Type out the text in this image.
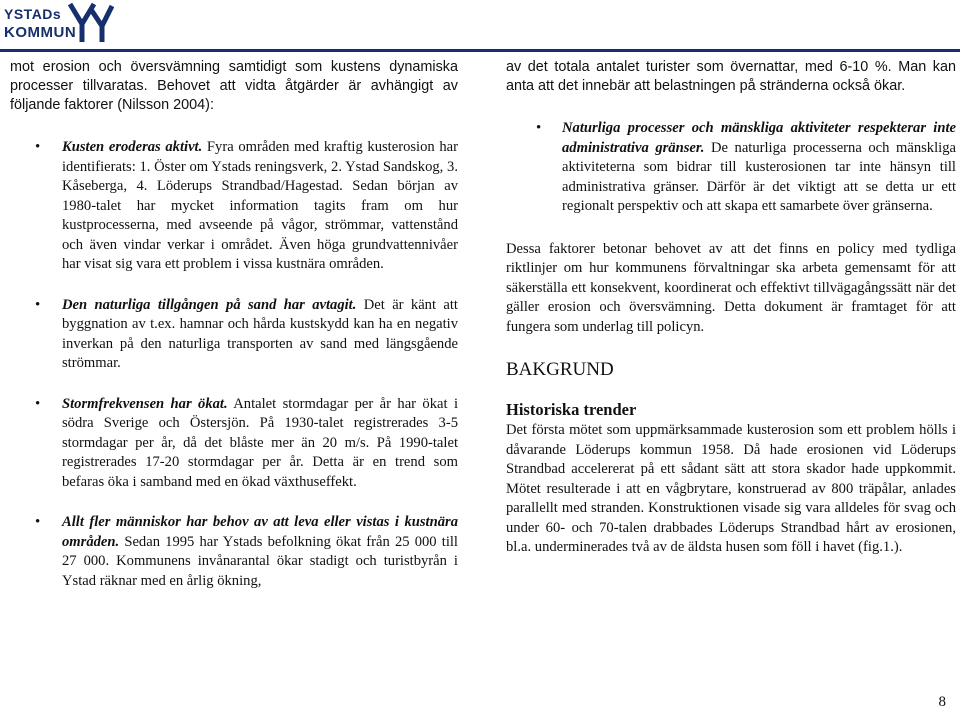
YSTADs
KOMMUN

mot erosion och översvämning samtidigt som kustens dynamiska processer tillvaratas. Behovet att vidta åtgärder är avhängigt av följande faktorer (Nilsson 2004):

• Kusten eroderas aktivt. Fyra områden med kraftig kusterosion har identifierats: 1. Öster om Ystads reningsverk, 2. Ystad Sandskog, 3. Kåseberga, 4. Löderups Strandbad/Hagestad. Sedan början av 1980-talet har mycket information tagits fram om hur kustprocesserna, med avseende på vågor, strömmar, vattenstånd och även vindar verkar i området. Även höga grundvattennivåer har visat sig vara ett problem i vissa kustnära områden.
• Den naturliga tillgången på sand har avtagit. Det är känt att byggnation av t.ex. hamnar och hårda kustskydd kan ha en negativ inverkan på den naturliga transporten av sand med längsgående strömmar.
• Stormfrekvensen har ökat. Antalet stormdagar per år har ökat i södra Sverige och Östersjön. På 1930-talet registrerades 3-5 stormdagar per år, då det blåste mer än 20 m/s. På 1990-talet registrerades 17-20 stormdagar per år. Detta är en trend som befaras öka i samband med en ökad växthuseffekt.
• Allt fler människor har behov av att leva eller vistas i kustnära områden. Sedan 1995 har Ystads befolkning ökat från 25 000 till 27 000. Kommunens invånarantal ökar stadigt och turistbyrån i Ystad räknar med en årlig ökning,

av det totala antalet turister som övernattar, med 6-10 %. Man kan anta att det innebär att belastningen på stränderna också ökar.

• Naturliga processer och mänskliga aktiviteter respekterar inte administrativa gränser. De naturliga processerna och mänskliga aktiviteterna som bidrar till kusterosionen tar inte hänsyn till administrativa gränser. Därför är det viktigt att se detta ur ett regionalt perspektiv och att skapa ett samarbete över gränserna.

Dessa faktorer betonar behovet av att det finns en policy med tydliga riktlinjer om hur kommunens förvaltningar ska arbeta gemensamt för att säkerställa ett konsekvent, koordinerat och effektivt tillvägagångssätt när det gäller erosion och översvämning. Detta dokument är framtaget för att fungera som underlag till policyn.

BAKGRUND
Historiska trender

Det första mötet som uppmärksammade kusterosion som ett problem hölls i dåvarande Löderups kommun 1958. Då hade erosionen vid Löderups Strandbad accelererat på ett sådant sätt att stora skador hade uppkommit. Mötet resulterade i att en vågbrytare, konstruerad av 800 träpålar, anlades parallellt med stranden. Konstruktionen visade sig vara alldeles för svag och under 60- och 70-talen drabbades Löderups Strandbad hårt av erosionen, bl.a. underminerades två av de äldsta husen som föll i havet (fig.1.).

8
